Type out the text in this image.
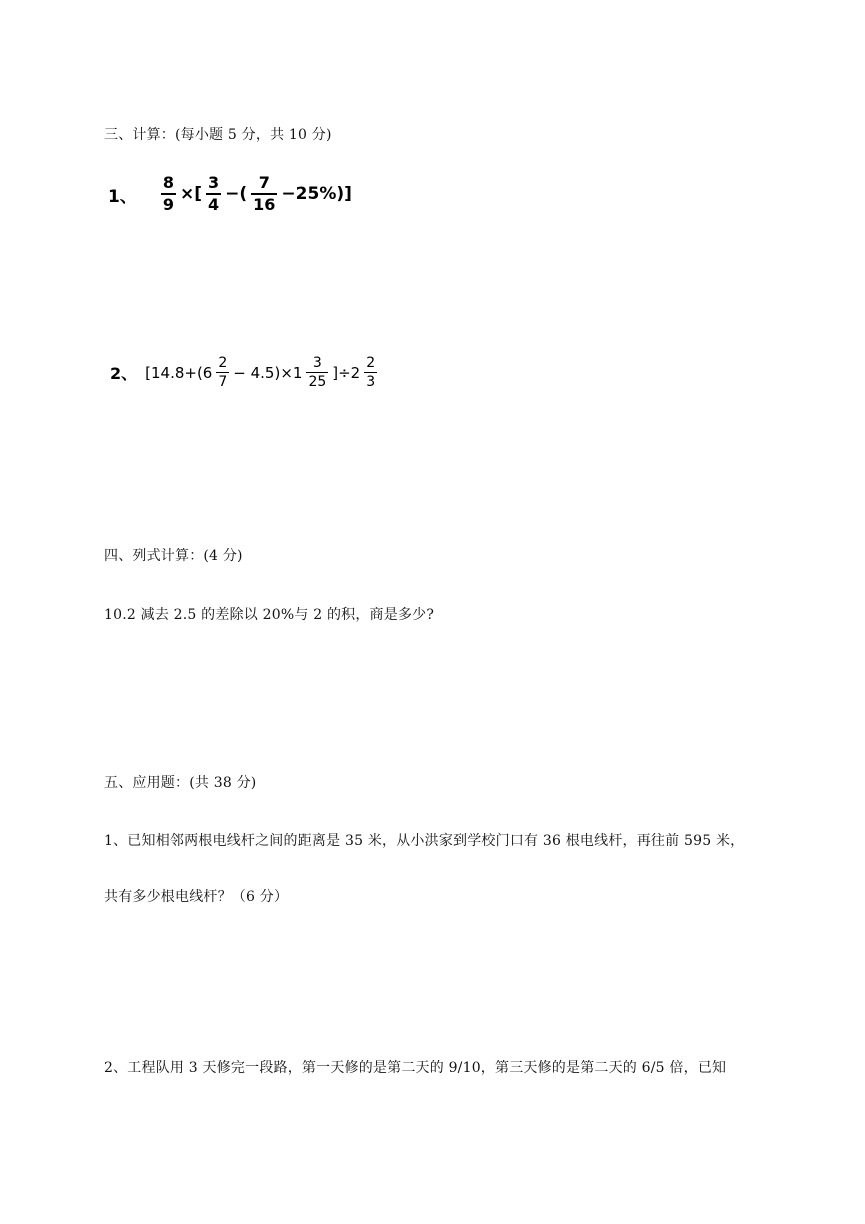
三、计算：(每小题 5 分，共 10 分)
1、 $\frac{8}{9}$ ×[ $\frac{3}{4}$ −( $\frac{7}{16} -25\%$)]
2、 $[14.8+(6 \frac{2}{7} - 4.5)\times 1 \frac{3}{25} ]\div 2 \frac{2}{3}$
四、列式计算：(4 分)
10.2 减去 2.5 的差除以 20%与 2 的积，商是多少?
五、应用题：(共 38 分)
1、已知相邻两根电线杆之间的距离是 35 米，从小洪家到学校门口有 36 根电线杆，再往前 595 米，
共有多少根电线杆？（6 分）
2、工程队用 3 天修完一段路，第一天修的是第二天的 9/10，第三天修的是第二天的 6/5 倍，已知
